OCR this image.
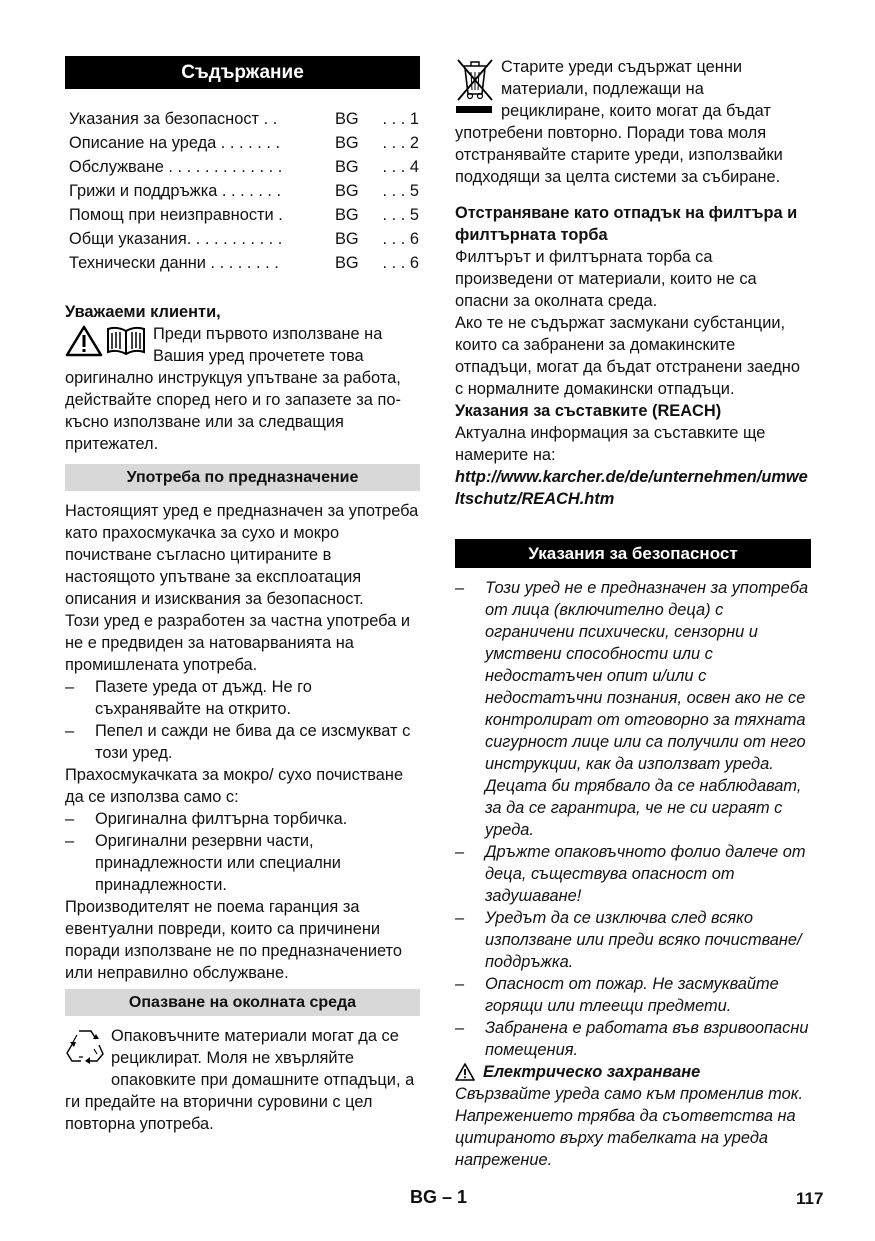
Съдържание
Указания за безопасност . .	BG	. . . 1
Описание на уреда . . . . . . .	BG	. . . 2
Обслужване . . . . . . . . . . . . .	BG	. . . 4
Грижи и поддръжка . . . . . . .	BG	. . . 5
Помощ при неизправности .	BG	. . . 5
Общи указания. . . . . . . . . . .	BG	. . . 6
Технически данни . . . . . . . .	BG	. . . 6

Уважаеми клиенти,

Преди първото използване на Вашия уред прочетете това оригинално инструкцуя упътване за работа, действайте според него и го запазете за по-късно използване или за следващия притежател.

Употреба по предназначение

Настоящият уред е предназначен за употреба като прахосмукачка за сухо и мокро почистване съгласно цитираните в настоящото упътване за експлоатация описания и изисквания за безопасност.

Този уред е разработен за частна употреба и не е предвиден за натоварванията на промишлената употреба.

–	Пазете уреда от дъжд. Не го съхранявайте на открито.
–	Пепел и сажди не бива да се изсмукват с този уред.

Прахосмукачката за мокро/ сухо почистване да се използва само с:

–	Оригинална филтърна торбичка.
–	Оригинални резервни части, принадлежности или специални принадлежности.

Производителят не поема гаранция за евентуални повреди, които са причинени поради използване не по предназначението или неправилно обслужване.

Опазване на околната среда

Опаковъчните материали могат да се рециклират. Моля не хвърляйте опаковките при домашните отпадъци, а ги предайте на вторични суровини с цел повторна употреба.

Старите уреди съдържат ценни материали, подлежащи на рециклиране, които могат да бъдат употребени повторно. Поради това моля отстранявайте старите уреди, използвайки подходящи за целта системи за събиране.

Отстраняване като отпадък на филтъра и филтърната торба

Филтърът и филтърната торба са произведени от материали, които не са опасни за околната среда.

Ако те не съдържат засмукани субстанции, които са забранени за домакинските отпадъци, могат да бъдат отстранени заедно с нормалните домакински отпадъци.

Указания за съставките (REACH)

Актуална информация за съставките ще намерите на:

http://www.karcher.de/de/unternehmen/umweltschutz/REACH.htm

Указания за безопасност
–	Този уред не е предназначен за употреба от лица (включително деца) с ограничени психически, сензорни и умствени способности или с недостатъчен опит и/или с недостатъчни познания, освен ако не се контролират от отговорно за тяхната сигурност лице или са получили от него инструкции, как да използват уреда. Децата би трябвало да се наблюдават, за да се гарантира, че не си играят с уреда.
–	Дръжте опаковъчното фолио далече от деца, съществува опасност от задушаване!
–	Уредът да се изключва след всяко използване или преди всяко почистване/ поддръжка.
–	Опасност от пожар. Не засмуквайте горящи или тлеещи предмети.
–	Забранена е работата във взривоопасни помещения.
Електрическо захранване

Свързвайте уреда само към променлив ток. Напрежението трябва да съответства на цитираното върху табелката на уреда напрежение.

BG – 1	117
